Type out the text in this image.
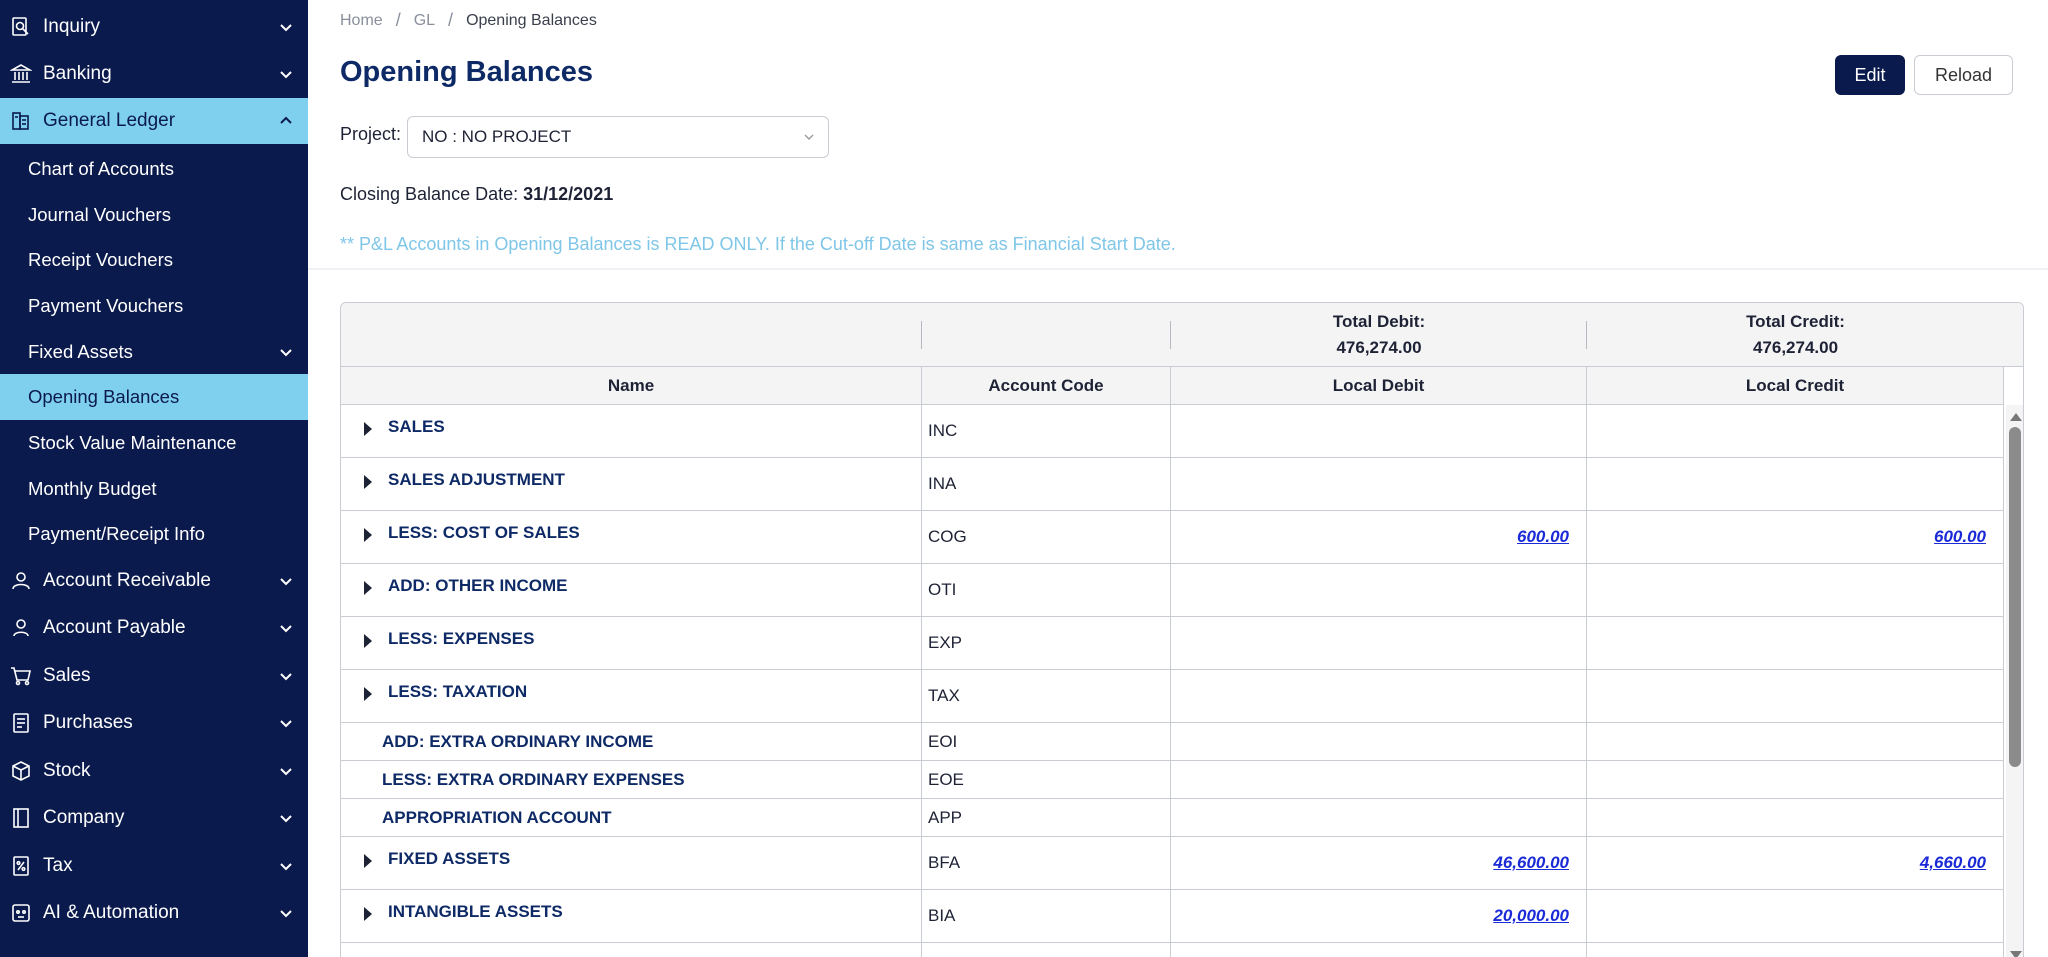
Inquiry
Banking
General Ledger
Chart of Accounts
Journal Vouchers
Receipt Vouchers
Payment Vouchers
Fixed Assets
Opening Balances
Stock Value Maintenance
Monthly Budget
Payment/Receipt Info
Account Receivable
Account Payable
Sales
Purchases
Stock
Company
Tax
AI & Automation
Home / GL / Opening Balances
Opening Balances	Edit	Reload
Project: NO : NO PROJECT
Closing Balance Date: 31/12/2021
** P&L Accounts in Opening Balances is READ ONLY. If the Cut-off Date is same as Financial Start Date.
Total Debit:
476,274.00
Total Credit:
476,274.00
Name	Account Code	Local Debit	Local Credit
SALES	INC
SALES ADJUSTMENT	INA
LESS: COST OF SALES	COG	600.00	600.00
ADD: OTHER INCOME	OTI
LESS: EXPENSES	EXP
LESS: TAXATION	TAX
ADD: EXTRA ORDINARY INCOME	EOI
LESS: EXTRA ORDINARY EXPENSES	EOE
APPROPRIATION ACCOUNT	APP
FIXED ASSETS	BFA	46,600.00	4,660.00
INTANGIBLE ASSETS	BIA	20,000.00
